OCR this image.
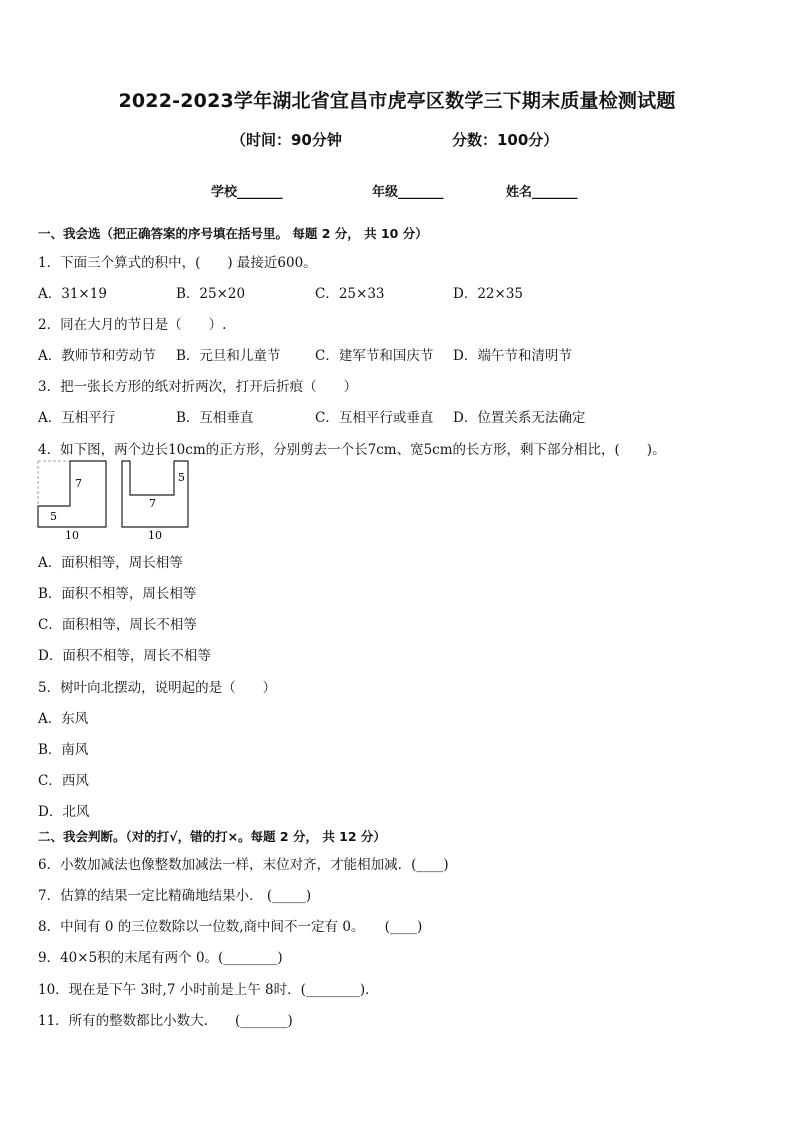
2022-2023学年湖北省宜昌市虎亭区数学三下期末质量检测试题
（时间：90分钟	分数：100分）
学校_______	年级_______	姓名_______
一、我会选（把正确答案的序号填在括号里。 每题 2 分， 共 10 分）
1．下面三个算式的积中，(　　) 最接近600。
A．31×19	B．25×20	C．25×33	D．22×35
2．同在大月的节日是（　　）.
A．教师节和劳动节 B．元旦和儿童节	C．建军节和国庆节 D．端午节和清明节
3．把一张长方形的纸对折两次，打开后折痕（　　）
A．互相平行	B．互相垂直	C．互相平行或垂直 D．位置关系无法确定
4．如下图，两个边长10cm的正方形，分别剪去一个长7cm、宽5cm的长方形，剩下部分相比，(　　)。
7
5
10
5
7
10
A．面积相等，周长相等
B．面积不相等，周长相等
C．面积相等，周长不相等
D．面积不相等，周长不相等
5．树叶向北摆动，说明起的是（　　）
A．东风
B．南风
C．西风
D．北风
二、我会判断。（对的打√，错的打×。每题 2 分， 共 12 分）
6．小数加减法也像整数加减法一样，末位对齐，才能相加减．(____)
7．估算的结果一定比精确地结果小． (_____)
8．中间有 0 的三位数除以一位数,商中间不一定有 0。　　(____)
9．40×5积的末尾有两个 0。(________)
10．现在是下午 3时,7 小时前是上午 8时．(________)．
11．所有的整数都比小数大.　　(_______)
